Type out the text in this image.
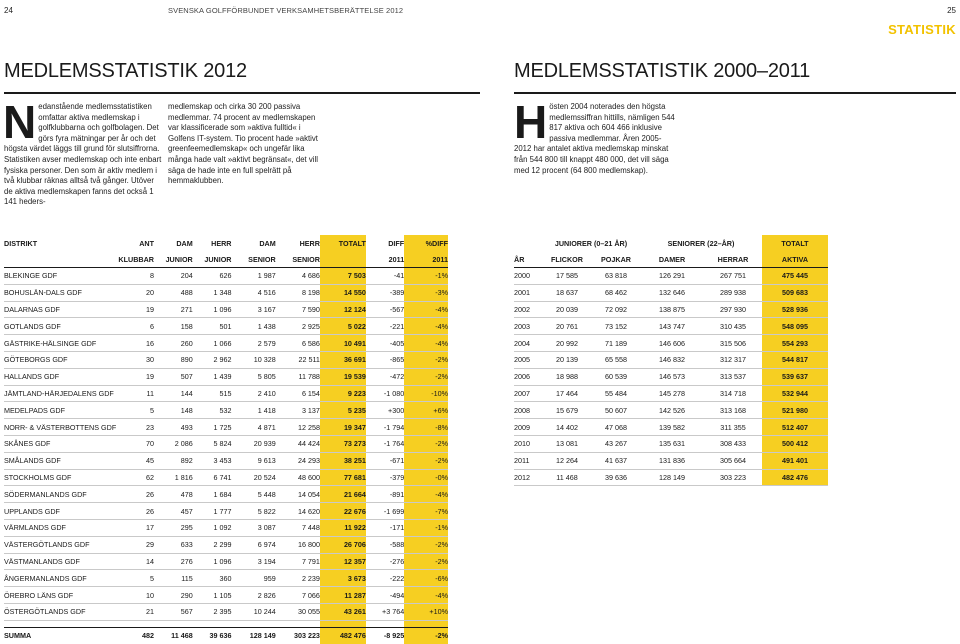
24	SVENSKA GOLFFÖRBUNDET VERKSAMHETSBERÄTTELSE 2012	25
STATISTIK
MEDLEMSSTATISTIK 2012
N edanstående medlemsstatistiken omfattar aktiva medlemskap i golfklubbarna och golfbolagen. Det görs fyra mätningar per år och det högsta värdet läggs till grund för slutsiffrorna. Statistiken avser medlemskap och inte enbart fysiska personer. Den som är aktiv medlem i två klubbar räknas alltså två gånger. Utöver de aktiva medlemskapen fanns det också 1 141 heders-
medlemskap och cirka 30 200 passiva medlemmar. 74 procent av medlemskapen var klassificerade som »aktiva fulltid« i Golfens IT-system. Tio procent hade »aktivt greenfeemedlemskap« och ungefär lika många hade valt »aktivt begränsat«, det vill säga de hade inte en full spelrätt på hemmaklubben.
MEDLEMSSTATISTIK 2000–2011
H östen 2004 noterades den högsta medlemssiffran hittills, nämligen 544 817 aktiva och 604 466 inklusive passiva medlemmar. Åren 2005-2012 har antalet aktiva medlemskap minskat från 544 800 till knappt 480 000, det vill säga med 12 procent (64 800 medlemskap).
DISTRIKT	ANT	DAM	HERR	DAM	HERR	TOTALT	DIFF	%DIFF
	KLUBBAR	JUNIOR	JUNIOR	SENIOR	SENIOR		2011	2011
BLEKINGE GDF	8	204	626	1 987	4 686	7 503	-41	-1%
BOHUSLÄN-DALS GDF	20	488	1 348	4 516	8 198	14 550	-389	-3%
DALARNAS GDF	19	271	1 096	3 167	7 590	12 124	-567	-4%
GOTLANDS GDF	6	158	501	1 438	2 925	5 022	-221	-4%
GÄSTRIKE-HÄLSINGE GDF	16	260	1 066	2 579	6 586	10 491	-405	-4%
GÖTEBORGS GDF	30	890	2 962	10 328	22 511	36 691	-865	-2%
HALLANDS GDF	19	507	1 439	5 805	11 788	19 539	-472	-2%
JÄMTLAND-HÄRJEDALENS GDF	11	144	515	2 410	6 154	9 223	-1 080	-10%
MEDELPADS GDF	5	148	532	1 418	3 137	5 235	+300	+6%
NORR- & VÄSTERBOTTENS GDF	23	493	1 725	4 871	12 258	19 347	-1 794	-8%
SKÅNES GDF	70	2 086	5 824	20 939	44 424	73 273	-1 764	-2%
SMÅLANDS GDF	45	892	3 453	9 613	24 293	38 251	-671	-2%
STOCKHOLMS GDF	62	1 816	6 741	20 524	48 600	77 681	-379	-0%
SÖDERMANLANDS GDF	26	478	1 684	5 448	14 054	21 664	-891	-4%
UPPLANDS GDF	26	457	1 777	5 822	14 620	22 676	-1 699	-7%
VÄRMLANDS GDF	17	295	1 092	3 087	7 448	11 922	-171	-1%
VÄSTERGÖTLANDS GDF	29	633	2 299	6 974	16 800	26 706	-588	-2%
VÄSTMANLANDS GDF	14	276	1 096	3 194	7 791	12 357	-276	-2%
ÅNGERMANLANDS GDF	5	115	360	959	2 239	3 673	-222	-6%
ÖREBRO LÄNS GDF	10	290	1 105	2 826	7 066	11 287	-494	-4%
ÖSTERGÖTLANDS GDF	21	567	2 395	10 244	30 055	43 261	+3 764	+10%

SUMMA	482	11 468	39 636	128 149	303 223	482 476	-8 925	-2%
	JUNIORER (0–21 ÅR)		SENIORER (22–ÅR)		TOTALT
ÅR	FLICKOR	POJKAR	DAMER	HERRAR	AKTIVA
2000	17 585	63 818	126 291	267 751	475 445
2001	18 637	68 462	132 646	289 938	509 683
2002	20 039	72 092	138 875	297 930	528 936
2003	20 761	73 152	143 747	310 435	548 095
2004	20 992	71 189	146 606	315 506	554 293
2005	20 139	65 558	146 832	312 317	544 817
2006	18 988	60 539	146 573	313 537	539 637
2007	17 464	55 484	145 278	314 718	532 944
2008	15 679	50 607	142 526	313 168	521 980
2009	14 402	47 068	139 582	311 355	512 407
2010	13 081	43 267	135 631	308 433	500 412
2011	12 264	41 637	131 836	305 664	491 401
2012	11 468	39 636	128 149	303 223	482 476
